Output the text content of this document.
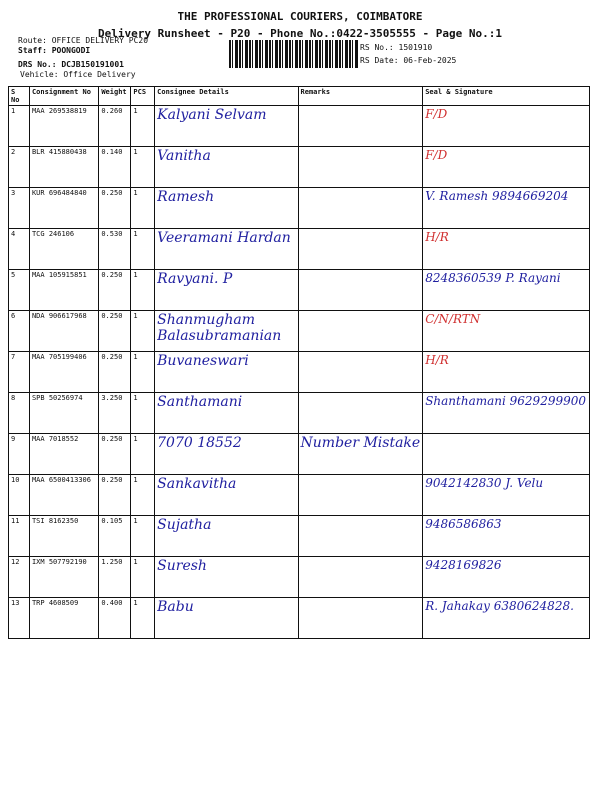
THE PROFESSIONAL COURIERS, COIMBATORE
Delivery Runsheet - P20 - Phone No.:0422-3505555 - Page No.:1
Route: OFFICE DELIVERY PC20
Staff: POONGODI
DRS No.: DCJB150191001
Vehicle: Office Delivery
RS No.: 1501910
RS Date: 06-Feb-2025
S No	Consignment No	Weight	PCS	Consignee Details	Remarks	Seal & Signature
1	MAA 269538819	0.260	1	Kalyani Selvam		F/D

2	BLR 415880438	0.140	1	Vanitha		F/D

3	KUR 696484840	0.250	1	Ramesh		V. Ramesh 9894669204

4	TCG 246106	0.530	1	Veeramani Hardan		H/R

5	MAA 105915851	0.250	1	Ravyani. P		8248360539 P. Rayani

6	NDA 906617968	0.250	1	Shanmugham Balasubramanian		C/N/RTN

7	MAA 705199406	0.250	1	Buvaneswari		H/R

8	SPB 50256974	3.250	1	Santhamani		Shanthamani 9629299900

9	MAA 7018552	0.250	1	7070 18552	Number Mistake	

10	MAA 6500413306	0.250	1	Sankavitha		9042142830 J. Velu

11	TSI 8162350	0.105	1	Sujatha		9486586863

12	IXM 507792190	1.250	1	Suresh		9428169826

13	TRP 4608509	0.400	1	Babu		R. Jahakay 6380624828.
